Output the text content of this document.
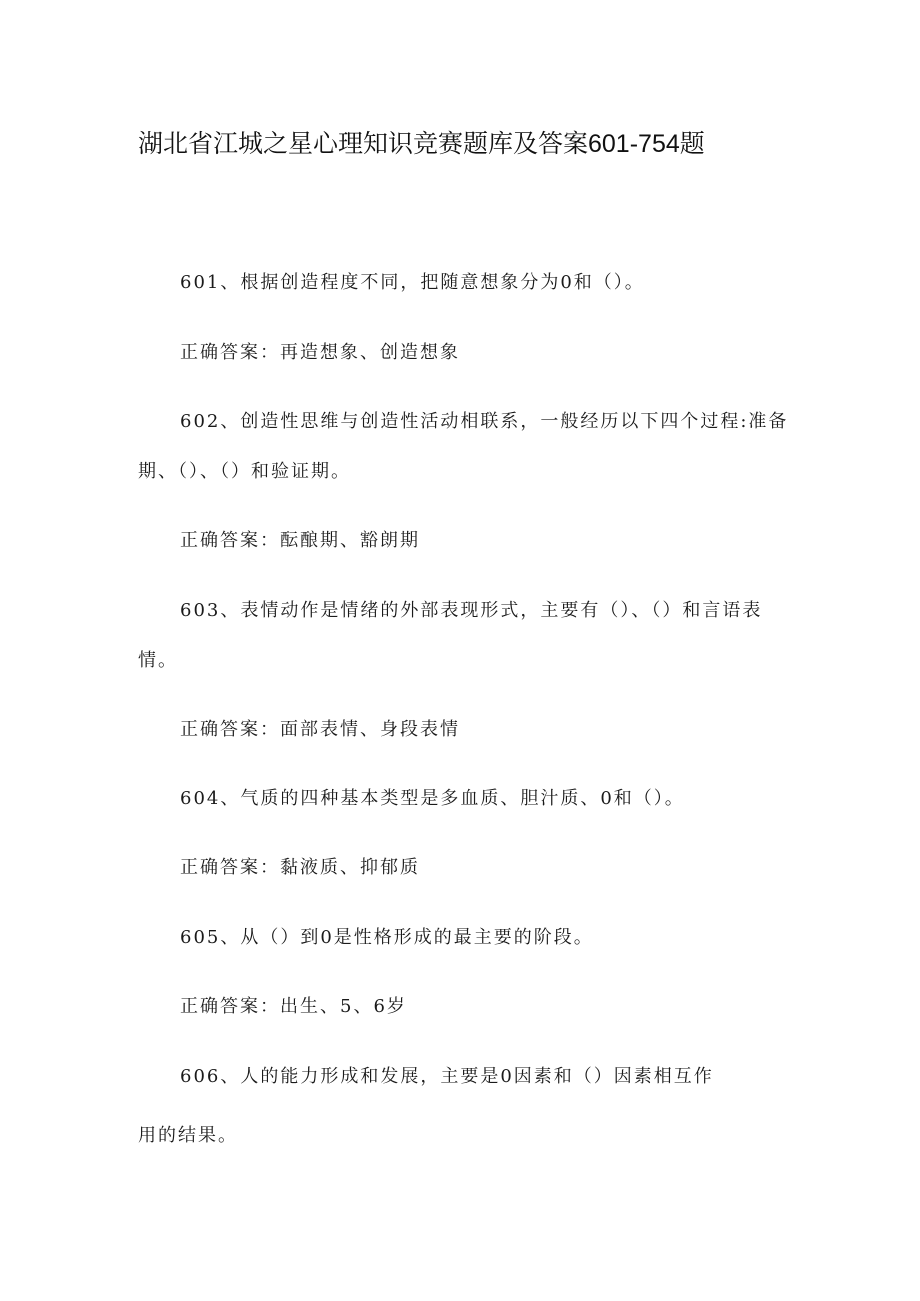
湖北省江城之星心理知识竞赛题库及答案601-754题
601、根据创造程度不同，把随意想象分为0和（）。
正确答案：再造想象、创造想象
602、创造性思维与创造性活动相联系，一般经历以下四个过程:准备
期、（）、（）和验证期。
正确答案：酝酿期、豁朗期
603、表情动作是情绪的外部表现形式，主要有（）、（）和言语表
情。
正确答案：面部表情、身段表情
604、气质的四种基本类型是多血质、胆汁质、0和（）。
正确答案：黏液质、抑郁质
605、从（）到0是性格形成的最主要的阶段。
正确答案：出生、5、6岁
606、人的能力形成和发展，主要是0因素和（）因素相互作
用的结果。
